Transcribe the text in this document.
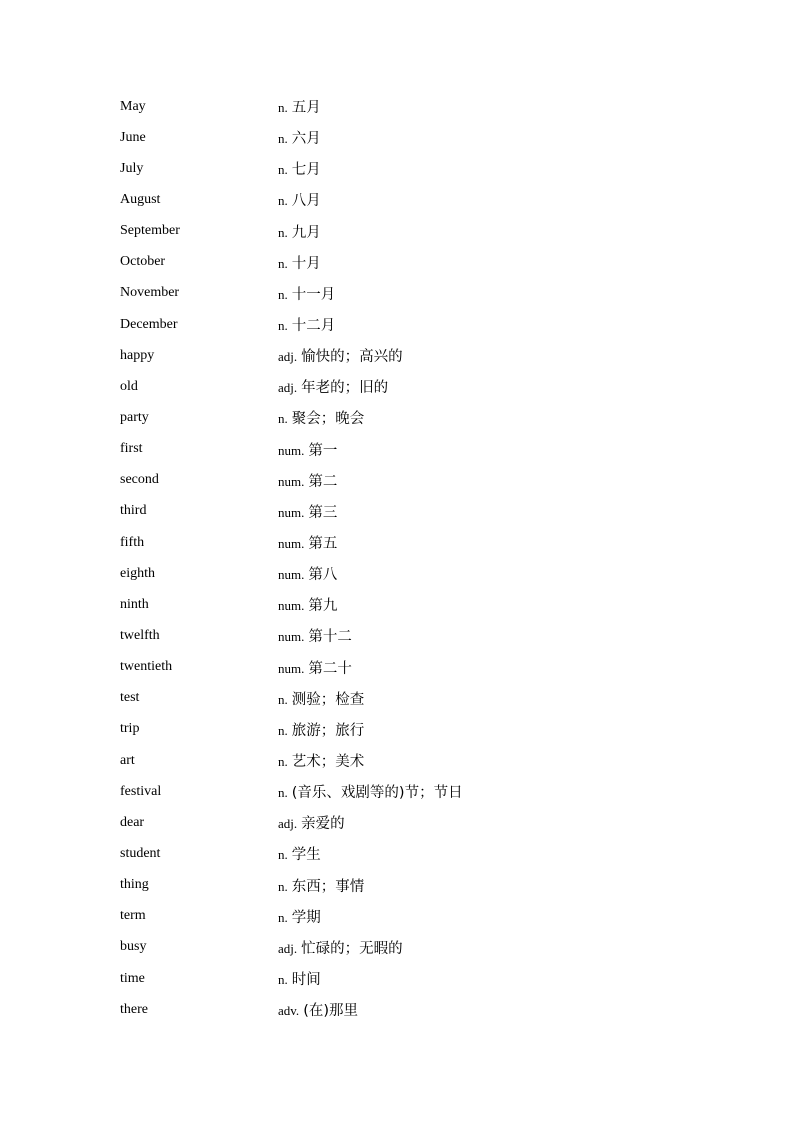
May	n. 五月
June	n. 六月
July	n. 七月
August	n. 八月
September	n. 九月
October	n. 十月
November	n. 十一月
December	n. 十二月
happy	adj. 愉快的；高兴的
old	adj. 年老的；旧的
party	n. 聚会；晚会
first	num. 第一
second	num. 第二
third	num. 第三
fifth	num. 第五
eighth	num. 第八
ninth	num. 第九
twelfth	num. 第十二
twentieth	num. 第二十
test	n. 测验；检查
trip	n. 旅游；旅行
art	n. 艺术；美术
festival	n. (音乐、戏剧等的)节；节日
dear	adj. 亲爱的
student	n. 学生
thing	n. 东西；事情
term	n. 学期
busy	adj. 忙碌的；无暇的
time	n. 时间
there	adv. (在)那里
